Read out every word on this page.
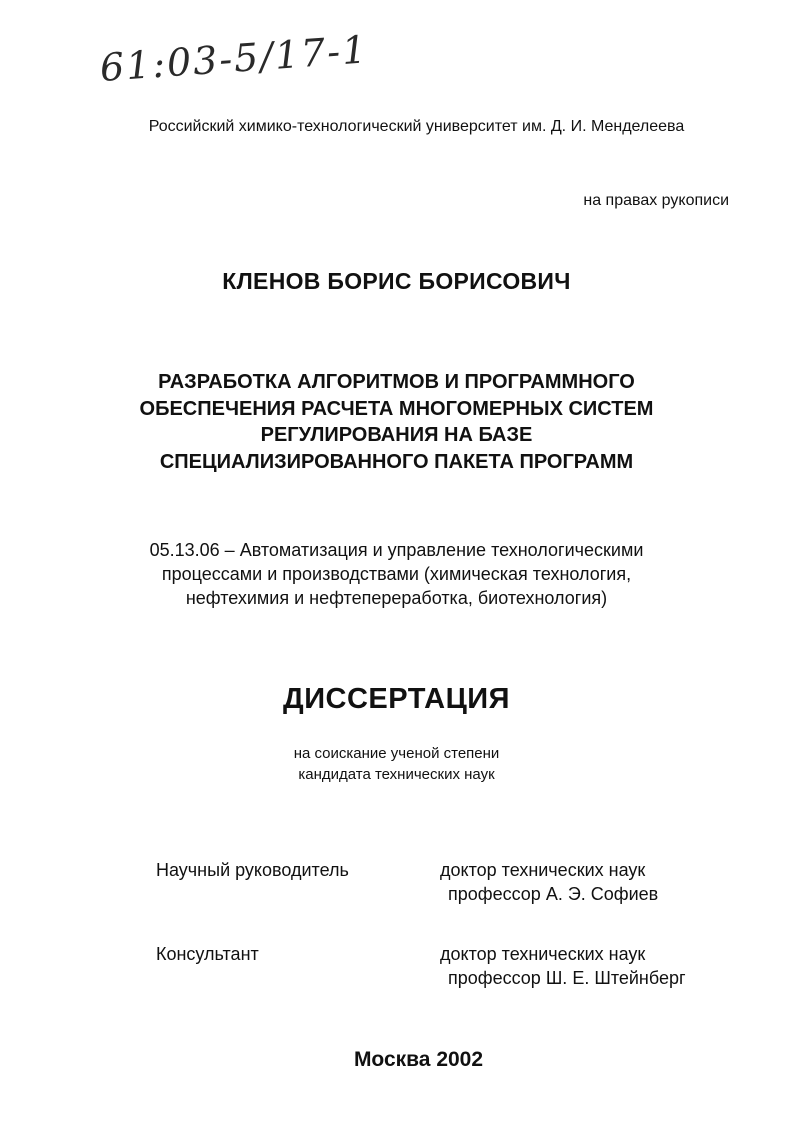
61:03-5/17-1
Российский химико-технологический университет им. Д. И. Менделеева
на правах рукописи
КЛЕНОВ БОРИС БОРИСОВИЧ
РАЗРАБОТКА АЛГОРИТМОВ И ПРОГРАММНОГО
ОБЕСПЕЧЕНИЯ РАСЧЕТА МНОГОМЕРНЫХ СИСТЕМ
РЕГУЛИРОВАНИЯ НА БАЗЕ
СПЕЦИАЛИЗИРОВАННОГО ПАКЕТА ПРОГРАММ
05.13.06 – Автоматизация и управление технологическими
процессами и производствами (химическая технология,
нефтехимия и нефтепереработка, биотехнология)
ДИССЕРТАЦИЯ
на соискание ученой степени
кандидата технических наук
Научный руководитель	доктор технических наук
профессор А. Э. Софиев
Консультант	доктор технических наук
профессор Ш. Е. Штейнберг
Москва 2002
